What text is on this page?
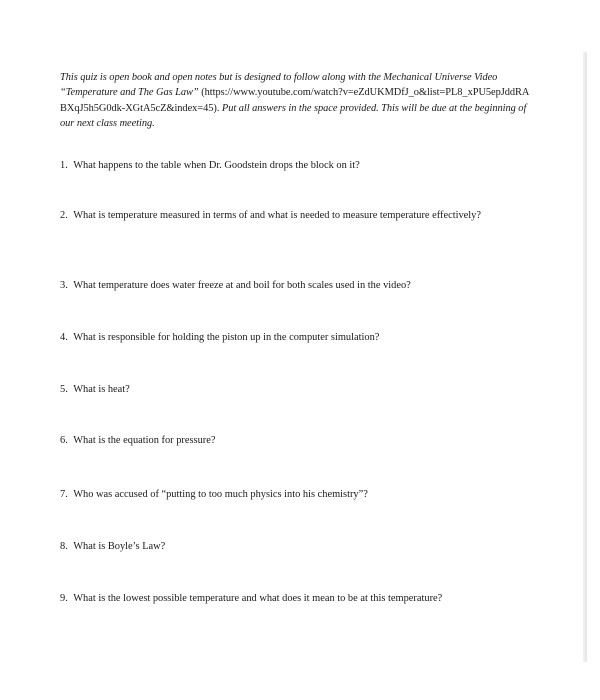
This quiz is open book and open notes but is designed to follow along with the Mechanical Universe Video “Temperature and The Gas Law” (https://www.youtube.com/watch?v=eZdUKMDfJ_o&list=PL8_xPU5epJddRABXqJ5h5G0dk-XGtA5cZ&index=45). Put all answers in the space provided. This will be due at the beginning of our next class meeting.
1. What happens to the table when Dr. Goodstein drops the block on it?
2. What is temperature measured in terms of and what is needed to measure temperature effectively?
3. What temperature does water freeze at and boil for both scales used in the video?
4. What is responsible for holding the piston up in the computer simulation?
5. What is heat?
6. What is the equation for pressure?
7. Who was accused of “putting to too much physics into his chemistry”?
8. What is Boyle’s Law?
9. What is the lowest possible temperature and what does it mean to be at this temperature?
